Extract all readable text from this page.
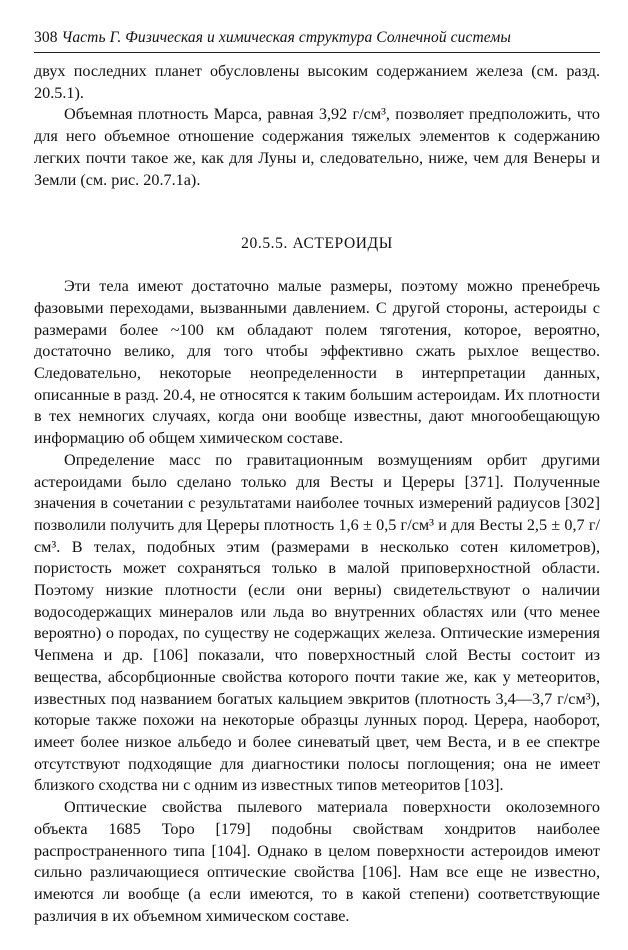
308 Часть Г. Физическая и химическая структура Солнечной системы

двух последних планет обусловлены высоким содержанием железа (см. разд. 20.5.1).

Объемная плотность Марса, равная 3,92 г/см³, позволяет предположить, что для него объемное отношение содержания тяжелых элементов к содержанию легких почти такое же, как для Луны и, следовательно, ниже, чем для Венеры и Земли (см. рис. 20.7.1а).

20.5.5. АСТЕРОИДЫ

Эти тела имеют достаточно малые размеры, поэтому можно пренебречь фазовыми переходами, вызванными давлением. С другой стороны, астероиды с размерами более ~100 км обладают полем тяготения, которое, вероятно, достаточно велико, для того чтобы эффективно сжать рыхлое вещество. Следовательно, некоторые неопределенности в интерпретации данных, описанные в разд. 20.4, не относятся к таким большим астероидам. Их плотности в тех немногих случаях, когда они вообще известны, дают многообещающую информацию об общем химическом составе.

Определение масс по гравитационным возмущениям орбит другими астероидами было сделано только для Весты и Цереры [371]. Полученные значения в сочетании с результатами наиболее точных измерений радиусов [302] позволили получить для Цереры плотность 1,6 ± 0,5 г/см³ и для Весты 2,5 ± 0,7 г/см³. В телах, подобных этим (размерами в несколько сотен километров), пористость может сохраняться только в малой приповерхностной области. Поэтому низкие плотности (если они верны) свидетельствуют о наличии водосодержащих минералов или льда во внутренних областях или (что менее вероятно) о породах, по существу не содержащих железа. Оптические измерения Чепмена и др. [106] показали, что поверхностный слой Весты состоит из вещества, абсорбционные свойства которого почти такие же, как у метеоритов, известных под названием богатых кальцием эвкритов (плотность 3,4—3,7 г/см³), которые также похожи на некоторые образцы лунных пород. Церера, наоборот, имеет более низкое альбедо и более синеватый цвет, чем Веста, и в ее спектре отсутствуют подходящие для диагностики полосы поглощения; она не имеет близкого сходства ни с одним из известных типов метеоритов [103].

Оптические свойства пылевого материала поверхности околоземного объекта 1685 Торо [179] подобны свойствам хондритов наиболее распространенного типа [104]. Однако в целом поверхности астероидов имеют сильно различающиеся оптические свойства [106]. Нам все еще не известно, имеются ли вообще (а если имеются, то в какой степени) соответствующие различия в их объемном химическом составе.
